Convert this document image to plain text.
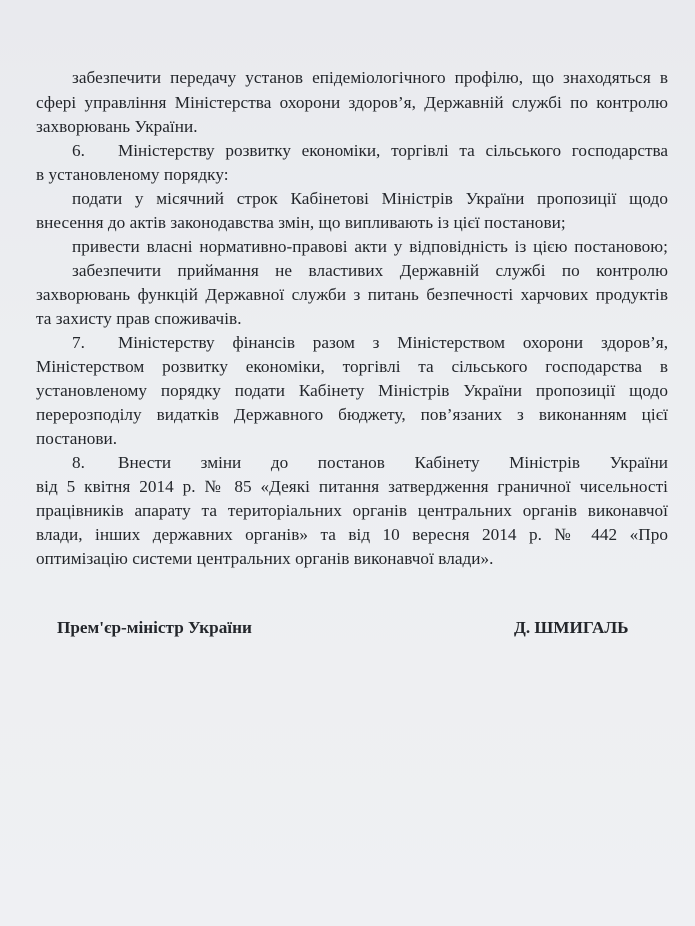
забезпечити передачу установ епідеміологічного профілю, що знаходяться в
сфері управління Міністерства охорони здоров’я, Державній службі по контролю
захворювань України.
6. Міністерству розвитку економіки, торгівлі та сільського господарства
в установленому порядку:
подати у місячний строк Кабінетові Міністрів України пропозиції щодо
внесення до актів законодавства змін, що випливають із цієї постанови;
привести власні нормативно-правові акти у відповідність із цією постановою;
забезпечити приймання не властивих Державній службі по контролю
захворювань функцій Державної служби з питань безпечності харчових продуктів
та захисту прав споживачів.
7. Міністерству фінансів разом з Міністерством охорони здоров’я,
Міністерством розвитку економіки, торгівлі та сільського господарства в
установленому порядку подати Кабінету Міністрів України пропозиції щодо
перерозподілу видатків Державного бюджету, пов’язаних з виконанням цієї
постанови.
8. Внести зміни до постанов Кабінету Міністрів України
від 5 квітня 2014 р. № 85 «Деякі питання затвердження граничної чисельності
працівників апарату та територіальних органів центральних органів виконавчої
влади, інших державних органів» та від 10 вересня 2014 р. № 442 «Про
оптимізацію системи центральних органів виконавчої влади».
Прем'єр-міністр України	Д. ШМИГАЛЬ
